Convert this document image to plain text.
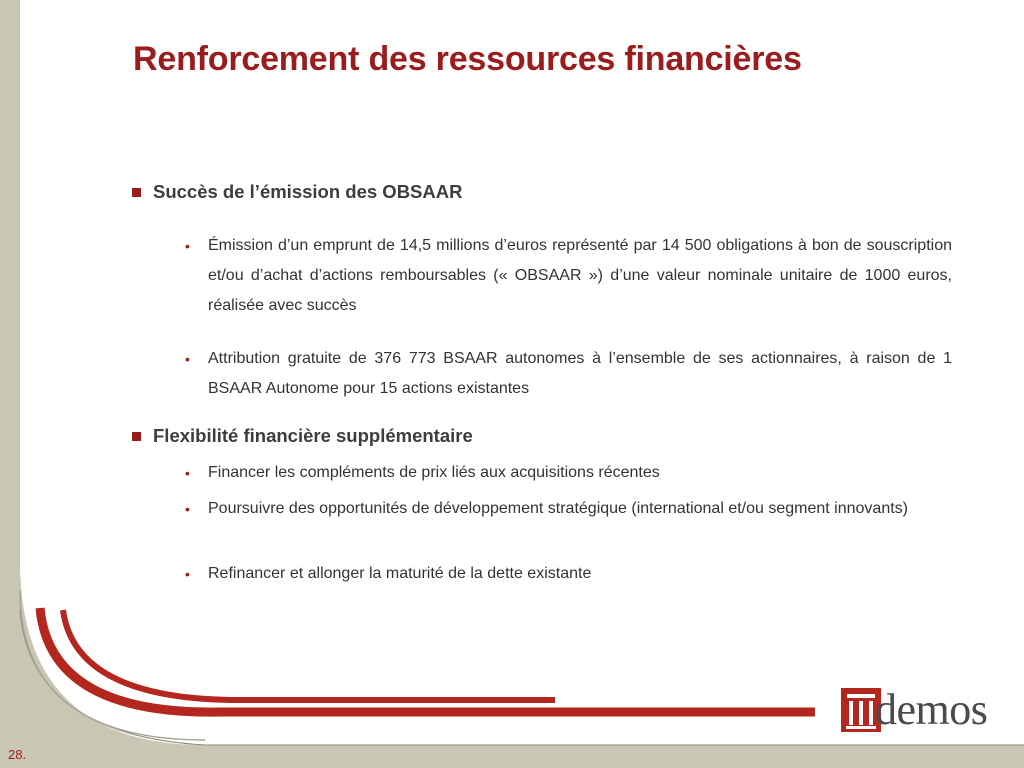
Renforcement des ressources financières
Succès de l’émission des OBSAAR
•	Émission d’un emprunt de 14,5 millions d’euros représenté par 14 500 obligations à bon de souscription et/ou d’achat d’actions remboursables (« OBSAAR ») d’une valeur nominale unitaire de 1000 euros, réalisée avec succès
•	Attribution gratuite de 376 773 BSAAR autonomes à l’ensemble de ses actionnaires, à raison de 1 BSAAR Autonome pour 15 actions existantes
Flexibilité financière supplémentaire
•	Financer les compléments de prix liés aux acquisitions récentes
•	Poursuivre des opportunités de développement stratégique (international et/ou segment innovants)
•	Refinancer et allonger la maturité de la dette existante
demos
28.
